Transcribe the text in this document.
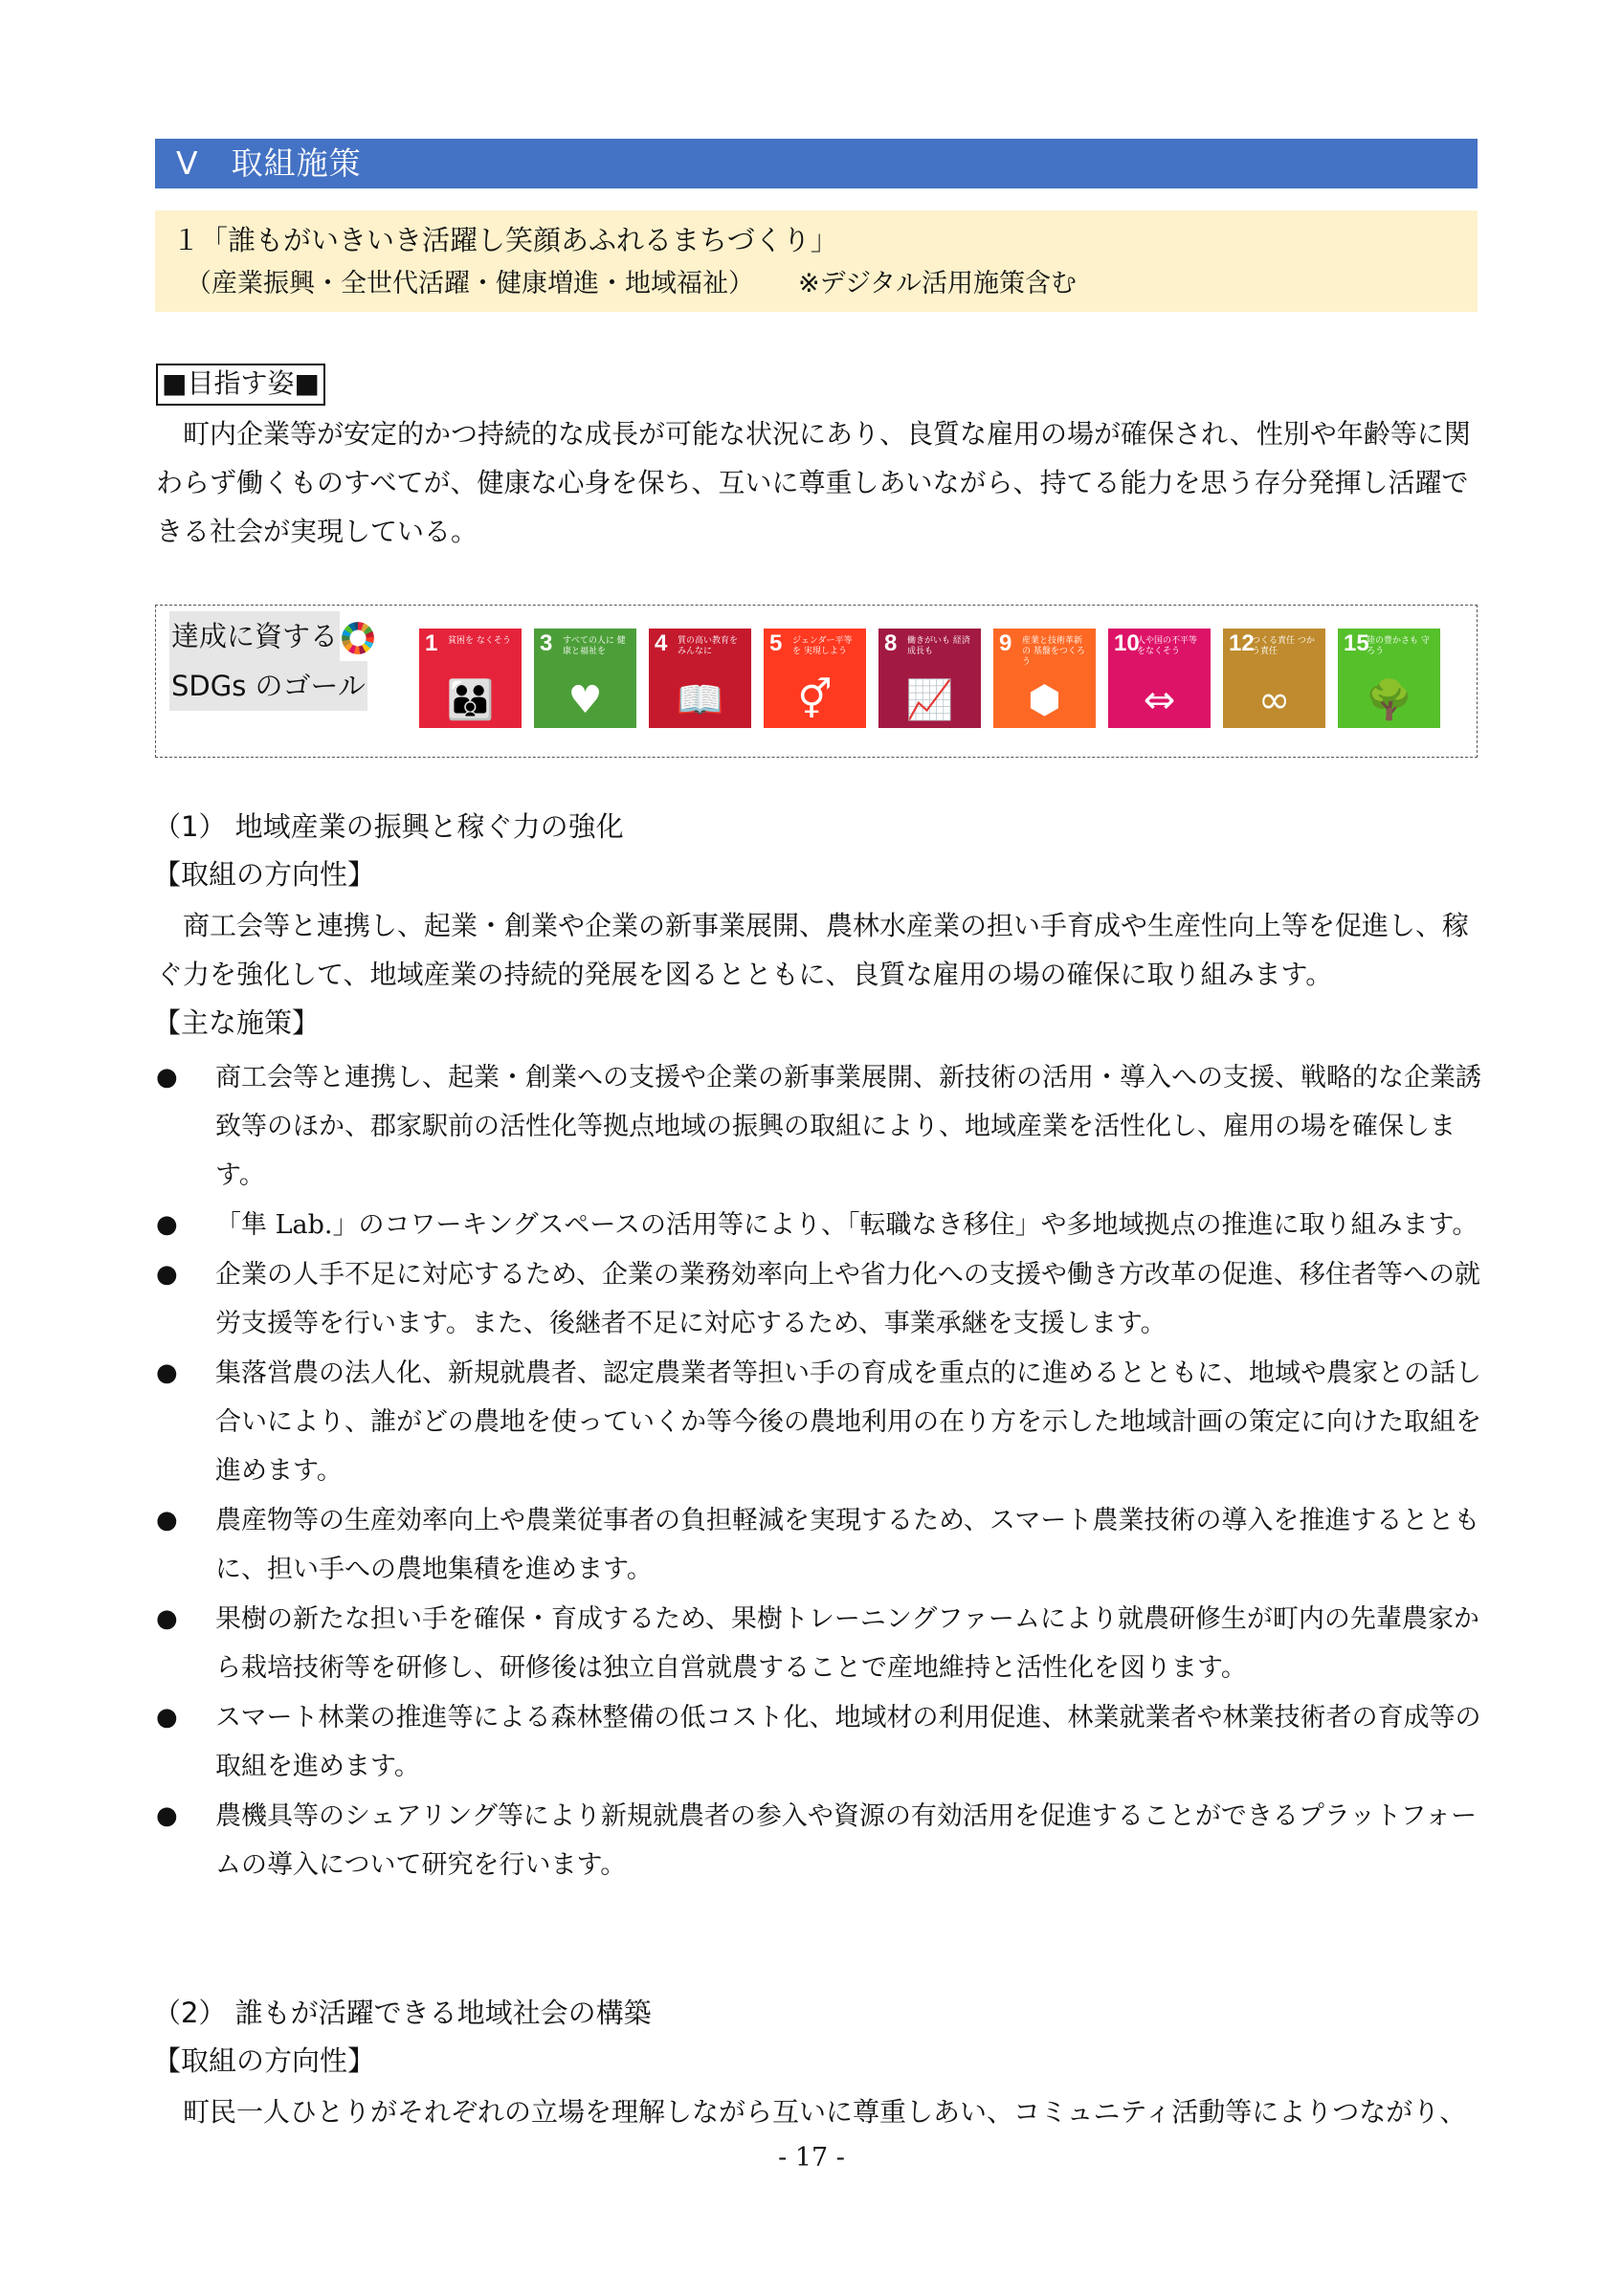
Ⅴ　取組施策
１「誰もがいきいき活躍し笑顔あふれるまちづくり」
（産業振興・全世代活躍・健康増進・地域福祉） ※デジタル活用施策含む
■目指す姿■
　町内企業等が安定的かつ持続的な成長が可能な状況にあり、良質な雇用の場が確保され、性別や年齢等に関わらず働くものすべてが、健康な心身を保ち、互いに尊重しあいながら、持てる能力を思う存分発揮し活躍できる社会が実現している。
達成に資する
SDGs のゴール
1 貧困を なくそう
👪
3 すべての人に 健康と福祉を
♥
4 質の高い教育を みんなに
📖
5 ジェンダー平等を 実現しよう
⚥
8 働きがいも 経済成長も
📈
9 産業と技術革新の 基盤をつくろう
⬢
10
人や国の不平等 をなくそう
⇔
12
つくる責任 つかう責任
∞
15
陸の豊かさも 守ろう
🌳
（1） 地域産業の振興と稼ぐ力の強化
【取組の方向性】
　商工会等と連携し、起業・創業や企業の新事業展開、農林水産業の担い手育成や生産性向上等を促進し、稼ぐ力を強化して、地域産業の持続的発展を図るとともに、良質な雇用の場の確保に取り組みます。
【主な施策】
● 商工会等と連携し、起業・創業への支援や企業の新事業展開、新技術の活用・導入への支援、戦略的な企業誘致等のほか、郡家駅前の活性化等拠点地域の振興の取組により、地域産業を活性化し、雇用の場を確保します。
● 「隼 Lab.」のコワーキングスペースの活用等により、「転職なき移住」や多地域拠点の推進に取り組みます。
● 企業の人手不足に対応するため、企業の業務効率向上や省力化への支援や働き方改革の促進、移住者等への就労支援等を行います。また、後継者不足に対応するため、事業承継を支援します。
● 集落営農の法人化、新規就農者、認定農業者等担い手の育成を重点的に進めるとともに、地域や農家との話し合いにより、誰がどの農地を使っていくか等今後の農地利用の在り方を示した地域計画の策定に向けた取組を進めます。
● 農産物等の生産効率向上や農業従事者の負担軽減を実現するため、スマート農業技術の導入を推進するとともに、担い手への農地集積を進めます。
● 果樹の新たな担い手を確保・育成するため、果樹トレーニングファームにより就農研修生が町内の先輩農家から栽培技術等を研修し、研修後は独立自営就農することで産地維持と活性化を図ります。
● スマート林業の推進等による森林整備の低コスト化、地域材の利用促進、林業就業者や林業技術者の育成等の取組を進めます。
● 農機具等のシェアリング等により新規就農者の参入や資源の有効活用を促進することができるプラットフォームの導入について研究を行います。
（2） 誰もが活躍できる地域社会の構築
【取組の方向性】
　町民一人ひとりがそれぞれの立場を理解しながら互いに尊重しあい、コミュニティ活動等によりつながり、
- 17 -
